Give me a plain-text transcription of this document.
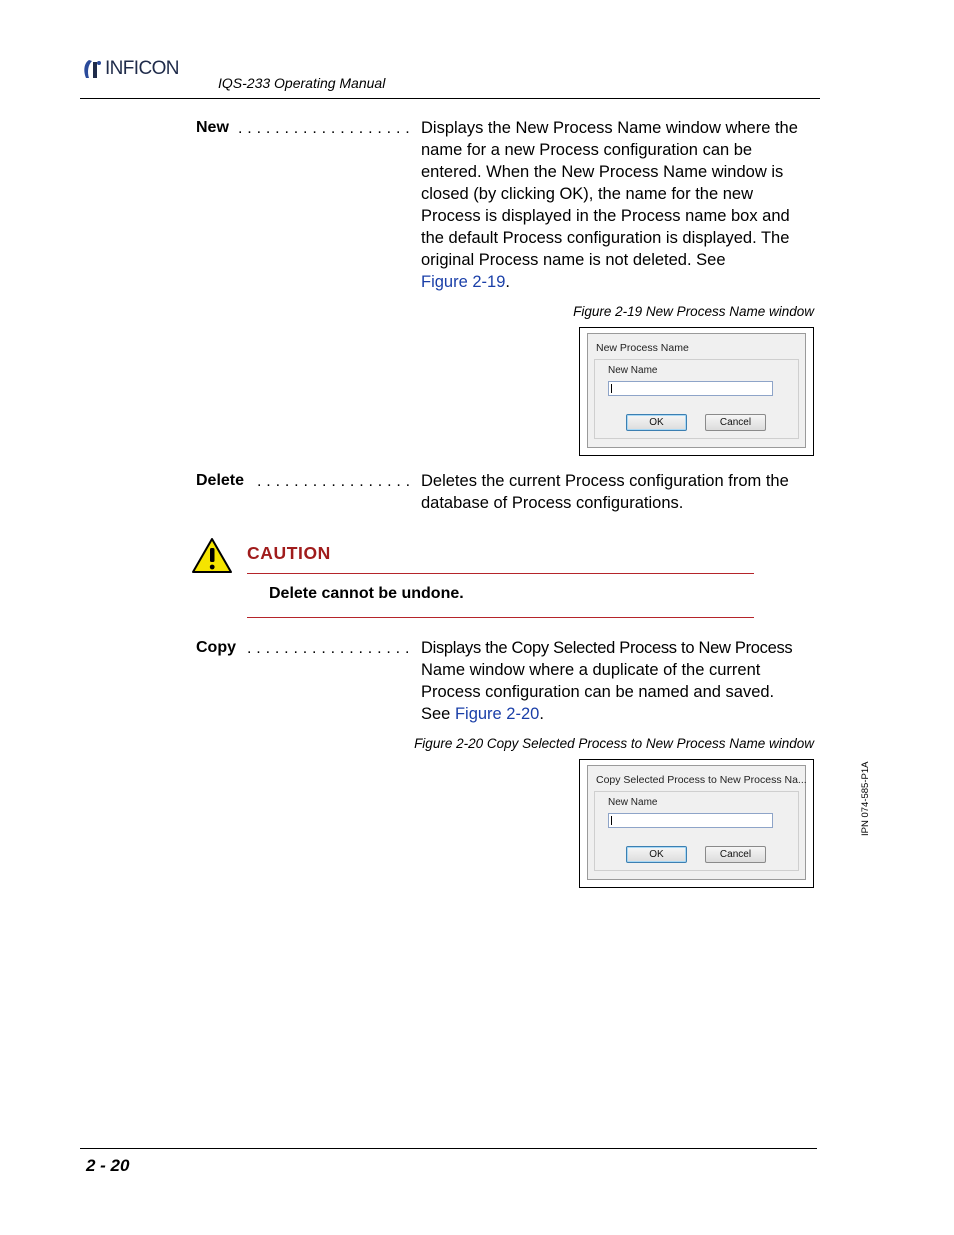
INFICON
IQS-233 Operating Manual
New . . . . . . . . . . . . . . . . . . . Displays the New Process Name window where the
name for a new Process configuration can be
entered. When the New Process Name window is
closed (by clicking OK), the name for the new
Process is displayed in the Process name box and
the default Process configuration is displayed. The
original Process name is not deleted. See
Figure 2-19.
Figure 2-19 New Process Name window
New Process Name
New Name
OK	Cancel
Delete . . . . . . . . . . . . . . . . . Deletes the current Process configuration from the
database of Process configurations.
CAUTION
Delete cannot be undone.
Copy . . . . . . . . . . . . . . . . . . Displays the Copy Selected Process to New Process
Name window where a duplicate of the current
Process configuration can be named and saved.
See Figure 2-20.
Figure 2-20 Copy Selected Process to New Process Name window
Copy Selected Process to New Process Na...
New Name
OK	Cancel
IPN 074-585-P1A
2 - 20
